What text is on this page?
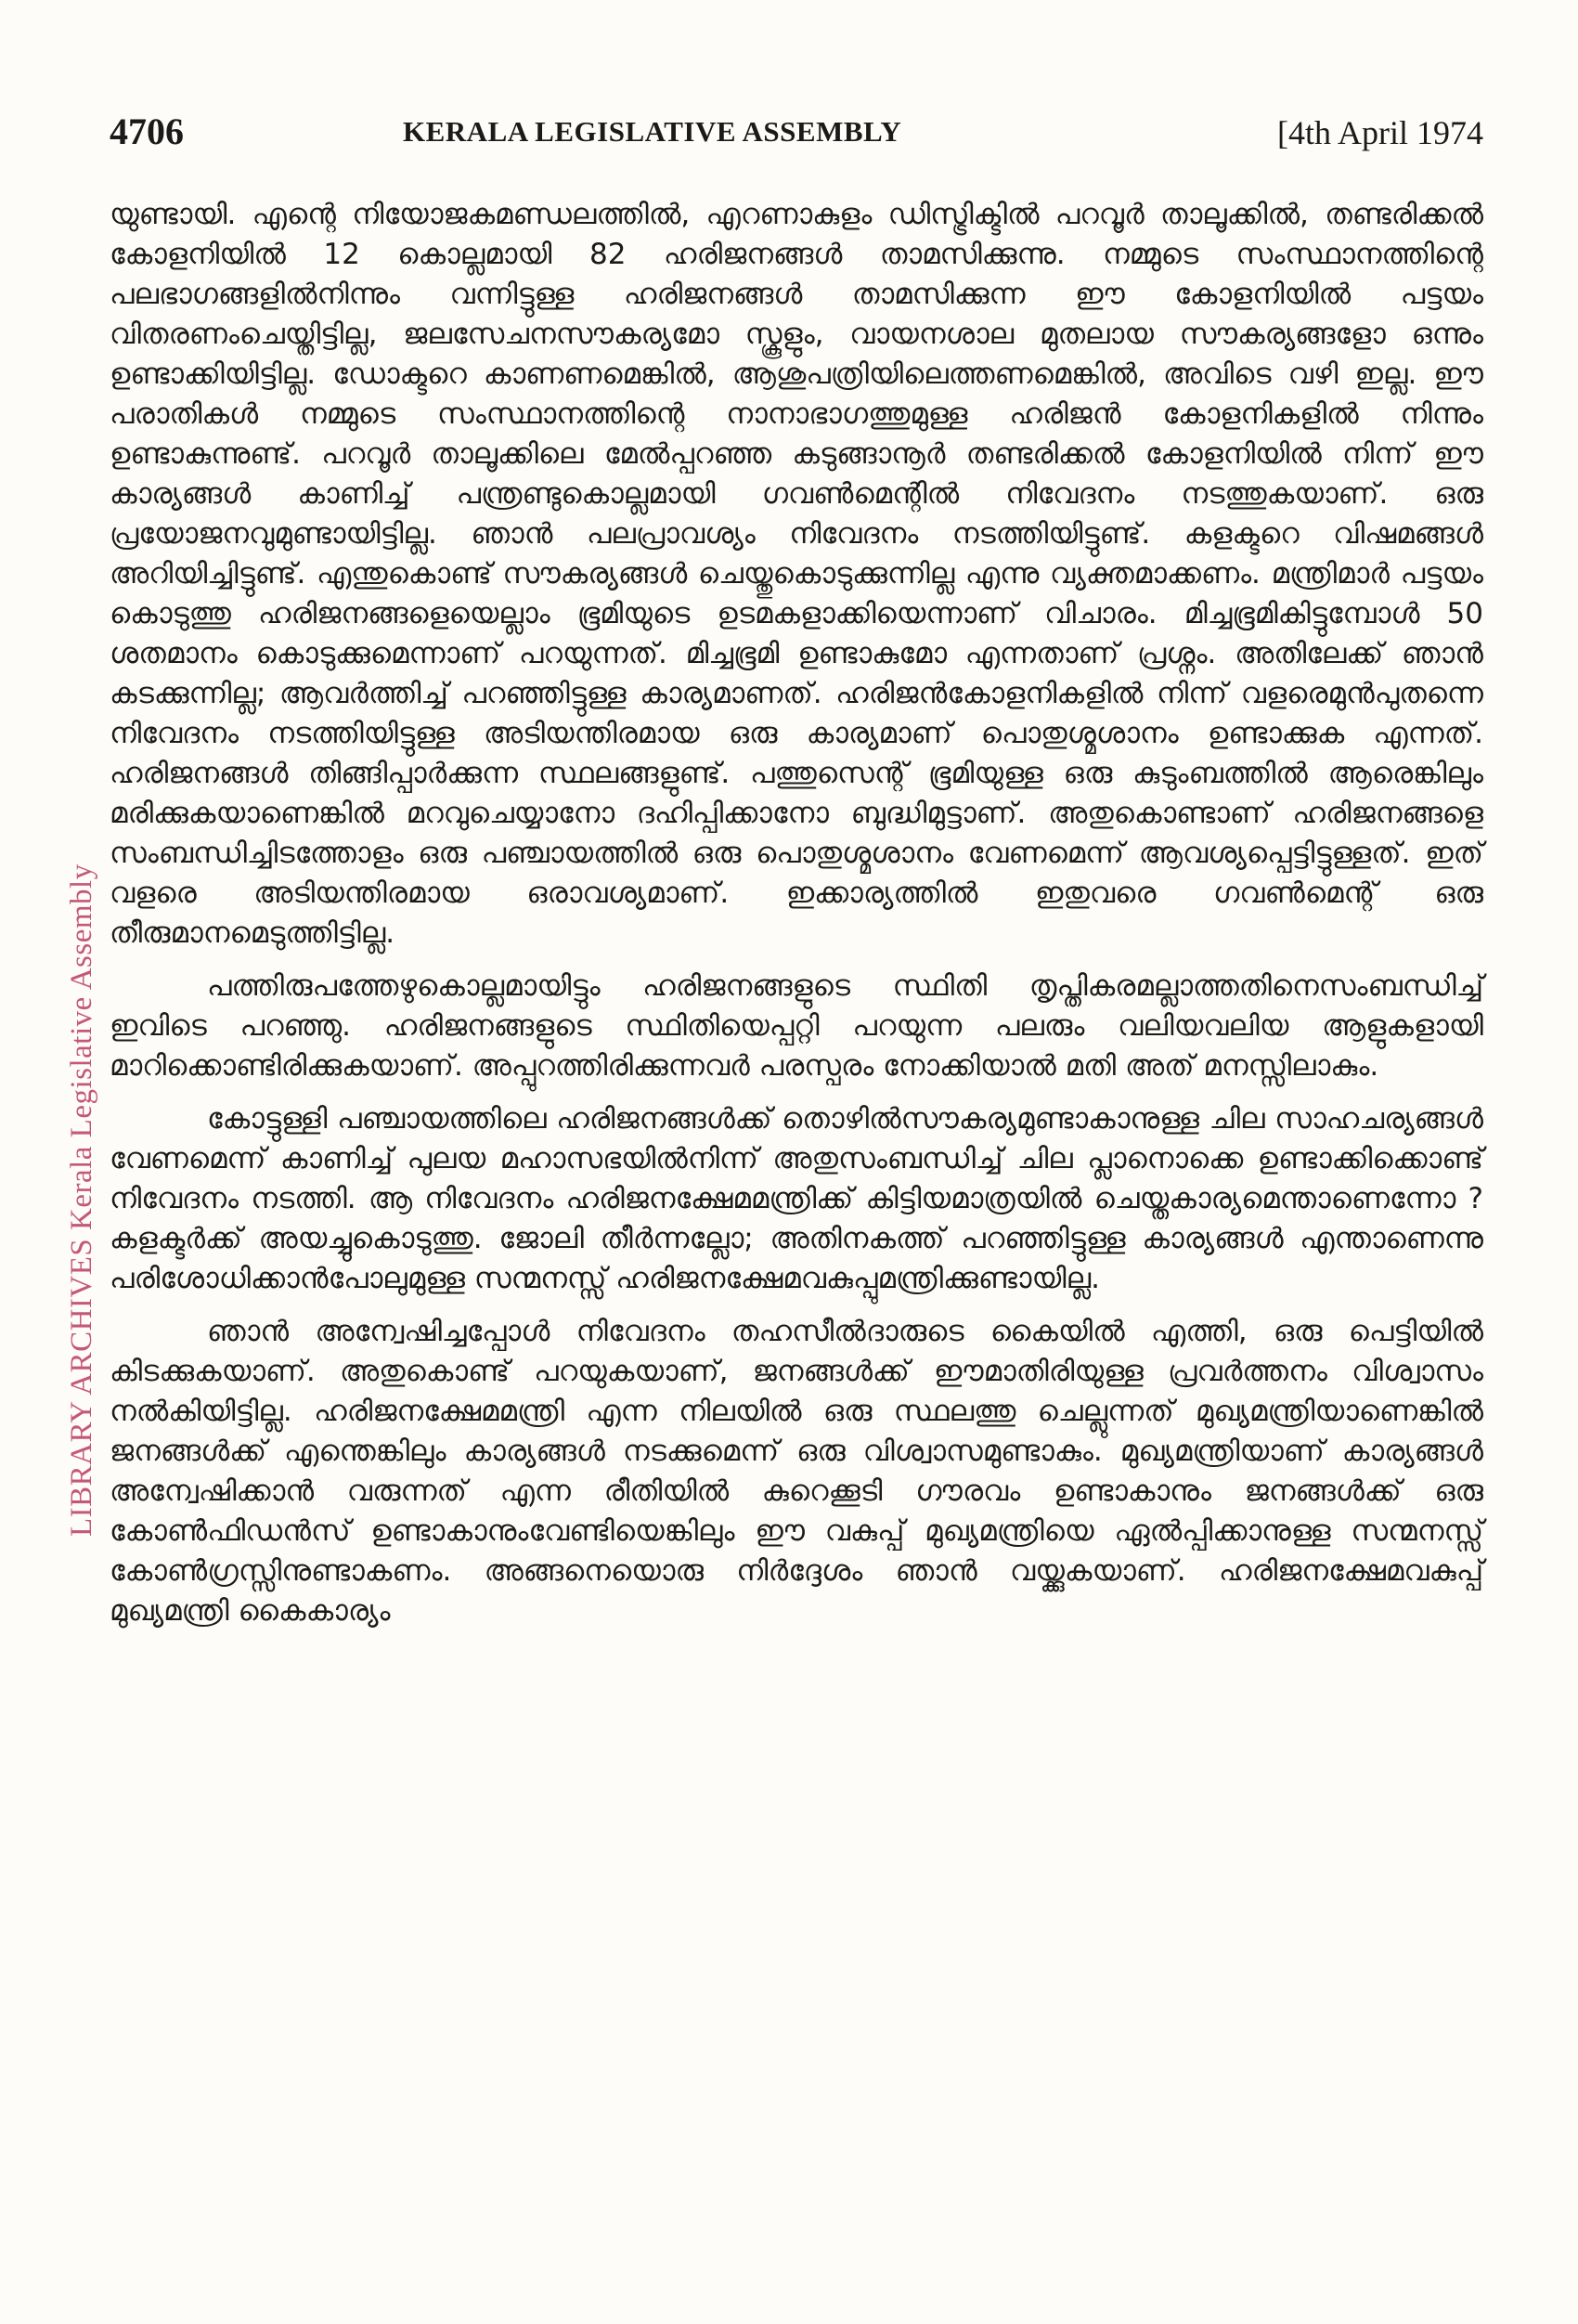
4706	KERALA LEGISLATIVE ASSEMBLY	[4th April 1974
LIBRARY ARCHIVES Kerala Legislative Assembly

യുണ്ടായി. എന്റെ നിയോജകമണ്ഡലത്തിൽ, എറണാകുളം ഡിസ്ട്രിക്ടിൽ പറവൂർ താലൂക്കിൽ, തണ്ടരിക്കൽ കോളനിയിൽ 12 കൊല്ലമായി 82 ഹരിജനങ്ങൾ താമസിക്കുന്നു. നമ്മുടെ സംസ്ഥാനത്തിന്റെ പലഭാഗങ്ങളിൽനിന്നും വന്നിട്ടുള്ള ഹരിജനങ്ങൾ താമസിക്കുന്ന ഈ കോളനിയിൽ പട്ടയം വിതരണംചെയ്തിട്ടില്ല, ജലസേചനസൗകര്യമോ സ്കൂളും, വായനശാല മുതലായ സൗകര്യങ്ങളോ ഒന്നും ഉണ്ടാക്കിയിട്ടില്ല. ഡോക്ടറെ കാണണമെങ്കിൽ, ആശുപത്രിയിലെത്തണമെങ്കിൽ, അവിടെ വഴി ഇല്ല. ഈ പരാതികൾ നമ്മുടെ സംസ്ഥാനത്തിന്റെ നാനാഭാഗത്തുമുള്ള ഹരിജൻ കോളനികളിൽ നിന്നും ഉണ്ടാകുന്നുണ്ട്. പറവൂർ താലൂക്കിലെ മേൽപ്പറഞ്ഞ കടുങ്ങാനൂർ തണ്ടരിക്കൽ കോളനിയിൽ നിന്ന് ഈ കാര്യങ്ങൾ കാണിച്ച് പന്ത്രണ്ടുകൊല്ലമായി ഗവൺമെന്റിൽ നിവേദനം നടത്തുകയാണ്. ഒരു പ്രയോജനവുമുണ്ടായിട്ടില്ല. ഞാൻ പലപ്രാവശ്യം നിവേദനം നടത്തിയിട്ടുണ്ട്. കളക്ടറെ വിഷമങ്ങൾ അറിയിച്ചിട്ടുണ്ട്. എന്തുകൊണ്ട് സൗകര്യങ്ങൾ ചെയ്തുകൊടുക്കുന്നില്ല എന്നു വ്യക്തമാക്കണം. മന്ത്രിമാർ പട്ടയം കൊടുത്തു ഹരിജനങ്ങളെയെല്ലാം ഭൂമിയുടെ ഉടമകളാക്കിയെന്നാണ് വിചാരം. മിച്ചഭൂമികിട്ടുമ്പോൾ 50 ശതമാനം കൊടുക്കുമെന്നാണ് പറയുന്നത്. മിച്ചഭൂമി ഉണ്ടാകുമോ എന്നതാണ് പ്രശ്നം. അതിലേക്ക് ഞാൻ കടക്കുന്നില്ല; ആവർത്തിച്ച് പറഞ്ഞിട്ടുള്ള കാര്യമാണത്. ഹരിജൻകോളനികളിൽ നിന്ന് വളരെമുൻപുതന്നെ നിവേദനം നടത്തിയിട്ടുള്ള അടിയന്തിരമായ ഒരു കാര്യമാണ് പൊതുശ്മശാനം ഉണ്ടാക്കുക എന്നത്. ഹരിജനങ്ങൾ തിങ്ങിപ്പാർക്കുന്ന സ്ഥലങ്ങളുണ്ട്. പത്തുസെന്റ് ഭൂമിയുള്ള ഒരു കുടുംബത്തിൽ ആരെങ്കിലും മരിക്കുകയാണെങ്കിൽ മറവുചെയ്യാനോ ദഹിപ്പിക്കാനോ ബുദ്ധിമുട്ടാണ്. അതുകൊണ്ടാണ് ഹരിജനങ്ങളെ സംബന്ധിച്ചിടത്തോളം ഒരു പഞ്ചായത്തിൽ ഒരു പൊതുശ്മശാനം വേണമെന്ന് ആവശ്യപ്പെട്ടിട്ടുള്ളത്. ഇത് വളരെ അടിയന്തിരമായ ഒരാവശ്യമാണ്. ഇക്കാര്യത്തിൽ ഇതുവരെ ഗവൺമെന്റ് ഒരു തീരുമാനമെടുത്തിട്ടില്ല.

പത്തിരുപത്തേഴുകൊല്ലമായിട്ടും ഹരിജനങ്ങളുടെ സ്ഥിതി തൃപ്തികരമല്ലാത്തതിനെസംബന്ധിച്ച് ഇവിടെ പറഞ്ഞു. ഹരിജനങ്ങളുടെ സ്ഥിതിയെപ്പറ്റി പറയുന്ന പലരും വലിയവലിയ ആളുകളായി മാറിക്കൊണ്ടിരിക്കുകയാണ്. അപ്പുറത്തിരിക്കുന്നവർ പരസ്പരം നോക്കിയാൽ മതി അത് മനസ്സിലാകും.

കോട്ടുള്ളി പഞ്ചായത്തിലെ ഹരിജനങ്ങൾക്ക് തൊഴിൽസൗകര്യമുണ്ടാകാനുള്ള ചില സാഹചര്യങ്ങൾ വേണമെന്ന് കാണിച്ച് പുലയ മഹാസഭയിൽനിന്ന് അതുസംബന്ധിച്ച് ചില പ്ലാനൊക്കെ ഉണ്ടാക്കിക്കൊണ്ട് നിവേദനം നടത്തി. ആ നിവേദനം ഹരിജനക്ഷേമമന്ത്രിക്ക് കിട്ടിയമാത്രയിൽ ചെയ്തകാര്യമെന്താണെന്നോ ? കളക്ടർക്ക് അയച്ചുകൊടുത്തു. ജോലി തീർന്നല്ലോ; അതിനകത്ത് പറഞ്ഞിട്ടുള്ള കാര്യങ്ങൾ എന്താണെന്നു പരിശോധിക്കാൻപോലുമുള്ള സന്മനസ്സ് ഹരിജനക്ഷേമവകുപ്പുമന്ത്രിക്കുണ്ടായില്ല.

ഞാൻ അന്വേഷിച്ചപ്പോൾ നിവേദനം തഹസീൽദാരുടെ കൈയിൽ എത്തി, ഒരു പെട്ടിയിൽ കിടക്കുകയാണ്. അതുകൊണ്ട് പറയുകയാണ്, ജനങ്ങൾക്ക് ഈമാതിരിയുള്ള പ്രവർത്തനം വിശ്വാസം നൽകിയിട്ടില്ല. ഹരിജനക്ഷേമമന്ത്രി എന്ന നിലയിൽ ഒരു സ്ഥലത്തു ചെല്ലുന്നത് മുഖ്യമന്ത്രിയാണെങ്കിൽ ജനങ്ങൾക്ക് എന്തെങ്കിലും കാര്യങ്ങൾ നടക്കുമെന്ന് ഒരു വിശ്വാസമുണ്ടാകും. മുഖ്യമന്ത്രിയാണ് കാര്യങ്ങൾ അന്വേഷിക്കാൻ വരുന്നത് എന്ന രീതിയിൽ കുറെക്കൂടി ഗൗരവം ഉണ്ടാകാനും ജനങ്ങൾക്ക് ഒരു കോൺഫിഡൻസ് ഉണ്ടാകാനുംവേണ്ടിയെങ്കിലും ഈ വകുപ്പ് മുഖ്യമന്ത്രിയെ ഏൽപ്പിക്കാനുള്ള സന്മനസ്സ് കോൺഗ്രസ്സിനുണ്ടാകണം. അങ്ങനെയൊരു നിർദ്ദേശം ഞാൻ വയ്ക്കുകയാണ്. ഹരിജനക്ഷേമവകുപ്പ് മുഖ്യമന്ത്രി കൈകാര്യം
